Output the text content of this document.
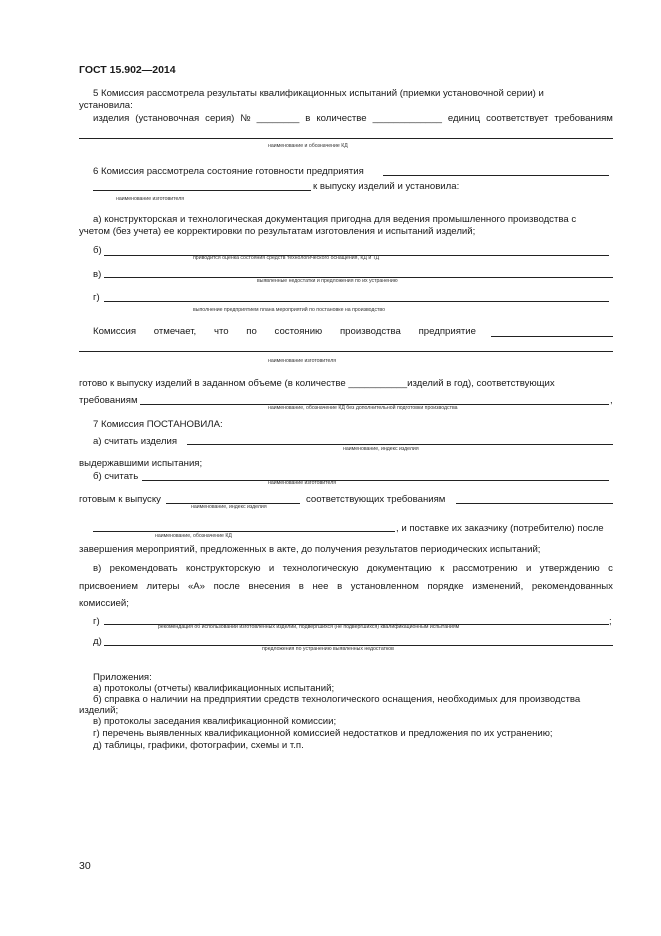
ГОСТ 15.902—2014
5 Комиссия рассмотрела результаты квалификационных испытаний (приемки установочной серии) и
установила:
изделия (установочная серия) № ________ в количестве _____________ единиц соответствует требованиям
наименование и обозначение КД
6 Комиссия рассмотрела состояние готовности предприятия
к выпуску изделий и установила:
наименование изготовителя
а) конструкторская и технологическая документация пригодна для ведения промышленного производства с
учетом (без учета) ее корректировки по результатам изготовления и испытаний изделий;
б)
приводится оценка состояния средств технологического оснащения, КД и ТД
в)
выявленные недостатки и предложения по их устранению
г)
выполнение предприятием плана мероприятий по постановке на производство
Комиссия отмечает, что по состоянию производства предприятие
наименование изготовителя
готово к выпуску изделий в заданном объеме (в количестве ___________изделий в год), соответствующих
требованиям	,
наименование, обозначение КД без дополнительной подготовки производства
7 Комиссия ПОСТАНОВИЛА:
а) считать изделия
наименование, индекс изделия
выдержавшими испытания;
б) считать
наименование изготовителя
готовым к выпуску	соответствующих требованиям
наименование, индекс изделия
, и поставке их заказчику (потребителю) после
наименование, обозначение КД
завершения мероприятий, предложенных в акте, до получения результатов периодических испытаний;
в) рекомендовать конструкторскую и технологическую документацию к рассмотрению и утверждению с
присвоением литеры «А» после внесения в нее в установленном порядке изменений, рекомендованных
комиссией;
г)	;
рекомендация об использовании изготовленных изделий, подвергшихся (не подвергшихся) квалификационным испытаниям
д)
предложения по устранению выявленных недостатков
Приложения:
а) протоколы (отчеты) квалификационных испытаний;
б) справка о наличии на предприятии средств технологического оснащения, необходимых для производства
изделий;
в) протоколы заседания квалификационной комиссии;
г) перечень выявленных квалификационной комиссией недостатков и предложения по их устранению;
д) таблицы, графики, фотографии, схемы и т.п.
30
